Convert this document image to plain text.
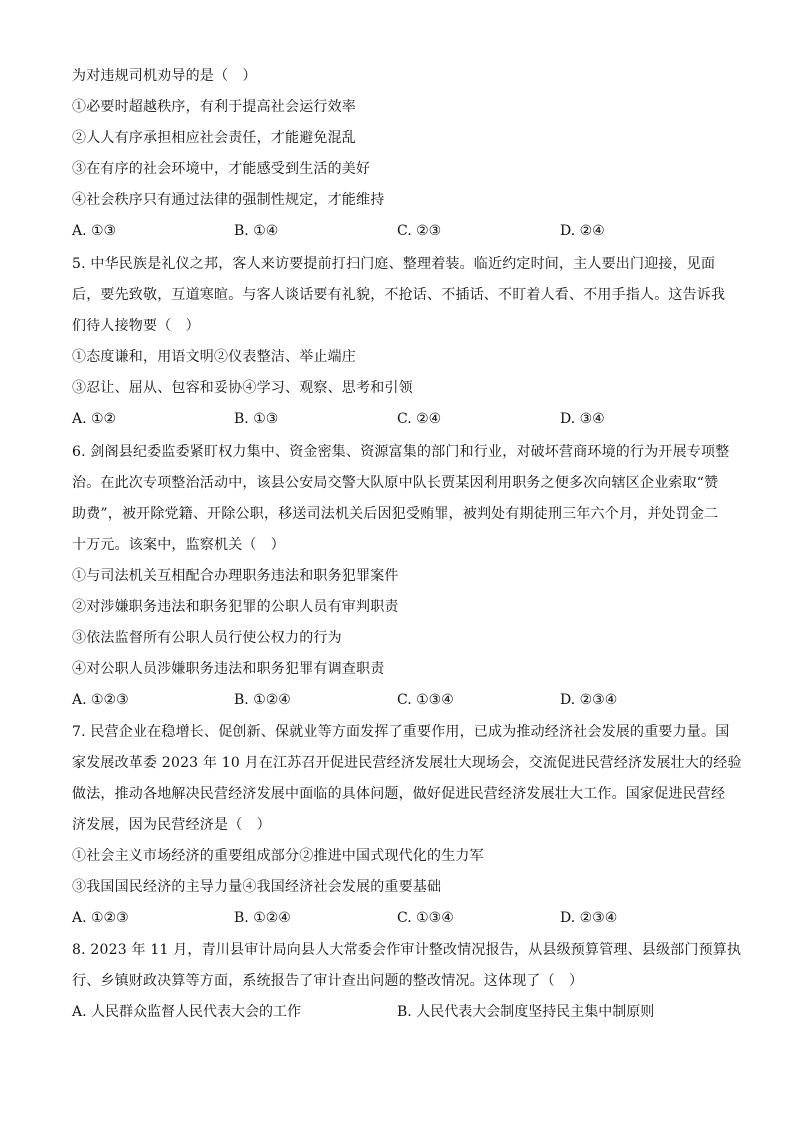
为对违规司机劝导的是（　）
①必要时超越秩序，有利于提高社会运行效率
②人人有序承担相应社会责任，才能避免混乱
③在有序的社会环境中，才能感受到生活的美好
④社会秩序只有通过法律的强制性规定，才能维持
A. ①③	B. ①④	C. ②③	D. ②④
5. 中华民族是礼仪之邦，客人来访要提前打扫门庭、整理着装。临近约定时间，主人要出门迎接，见面
后，要先致敬，互道寒暄。与客人谈话要有礼貌，不抢话、不插话、不盯着人看、不用手指人。这告诉我
们待人接物要（　）
①态度谦和，用语文明②仪表整洁、举止端庄
③忍让、屈从、包容和妥协④学习、观察、思考和引领
A. ①②	B. ①③	C. ②④	D. ③④
6. 剑阁县纪委监委紧盯权力集中、资金密集、资源富集的部门和行业，对破坏营商环境的行为开展专项整
治。在此次专项整治活动中，该县公安局交警大队原中队长贾某因利用职务之便多次向辖区企业索取“赞
助费”，被开除党籍、开除公职，移送司法机关后因犯受贿罪，被判处有期徒刑三年六个月，并处罚金二
十万元。该案中，监察机关（　）
①与司法机关互相配合办理职务违法和职务犯罪案件
②对涉嫌职务违法和职务犯罪的公职人员有审判职责
③依法监督所有公职人员行使公权力的行为
④对公职人员涉嫌职务违法和职务犯罪有调查职责
A. ①②③	B. ①②④	C. ①③④	D. ②③④
7. 民营企业在稳增长、促创新、保就业等方面发挥了重要作用，已成为推动经济社会发展的重要力量。国
家发展改革委 2023 年 10 月在江苏召开促进民营经济发展壮大现场会，交流促进民营经济发展壮大的经验
做法，推动各地解决民营经济发展中面临的具体问题，做好促进民营经济发展壮大工作。国家促进民营经
济发展，因为民营经济是（　）
①社会主义市场经济的重要组成部分②推进中国式现代化的生力军
③我国国民经济的主导力量④我国经济社会发展的重要基础
A. ①②③	B. ①②④	C. ①③④	D. ②③④
8. 2023 年 11 月，青川县审计局向县人大常委会作审计整改情况报告，从县级预算管理、县级部门预算执
行、乡镇财政决算等方面，系统报告了审计查出问题的整改情况。这体现了（　）
A. 人民群众监督人民代表大会的工作	B. 人民代表大会制度坚持民主集中制原则
